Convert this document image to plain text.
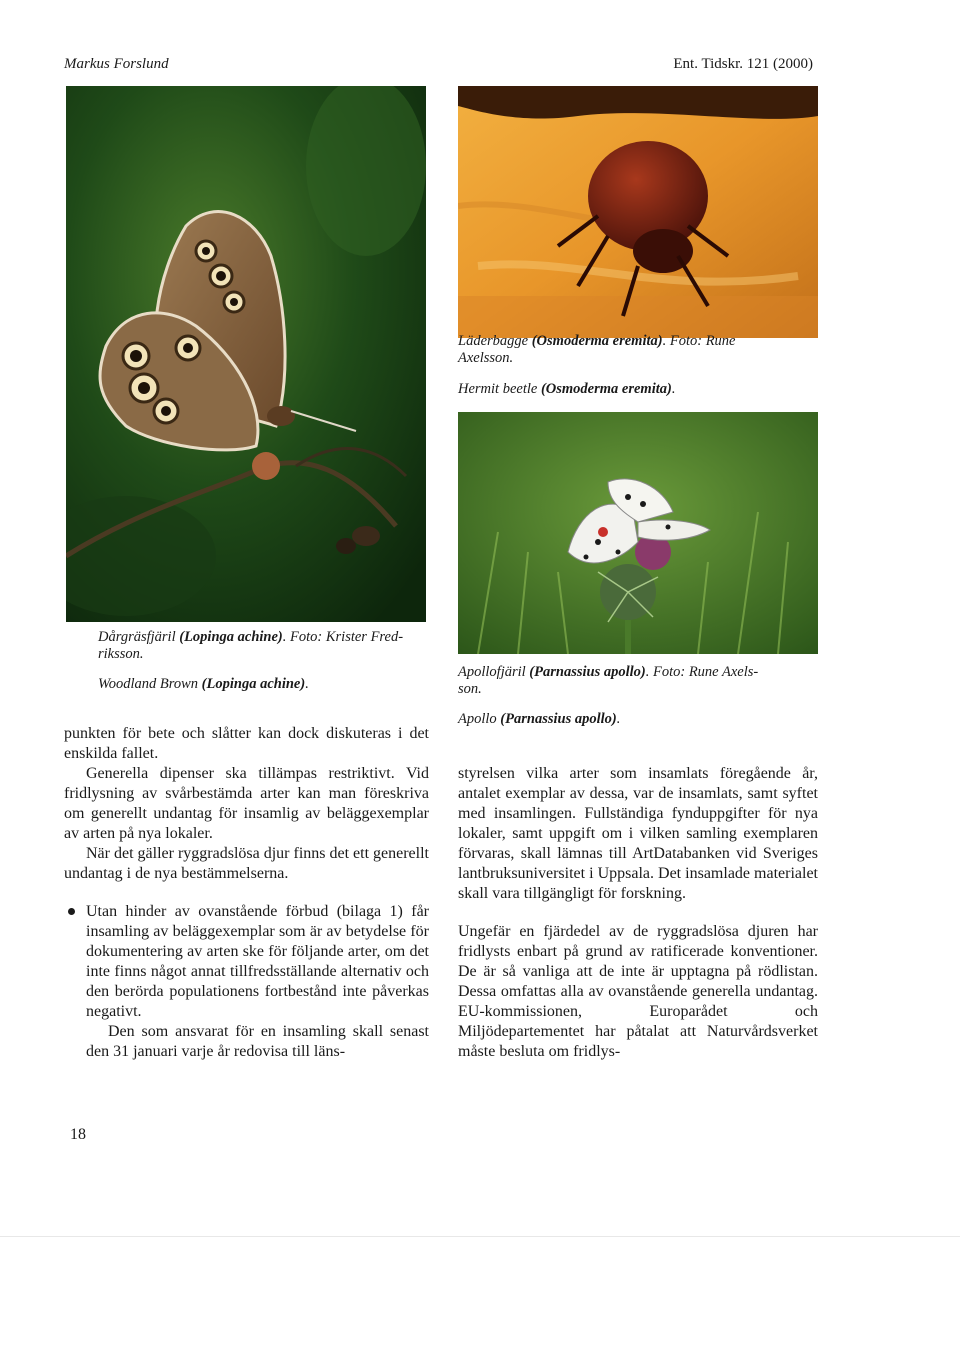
Markus Forslund	Ent. Tidskr. 121 (2000)
Dårgräsfjäril (Lopinga achine). Foto: Krister Fred-
riksson.
Woodland Brown (Lopinga achine).
Läderbagge (Osmoderma eremita). Foto: Rune
Axelsson.
Hermit beetle (Osmoderma eremita).
Apollofjäril (Parnassius apollo). Foto: Rune Axels-
son.
Apollo (Parnassius apollo).

punkten för bete och slåtter kan dock diskuteras i det enskilda fallet.

Generella dipenser ska tillämpas restriktivt. Vid fridlysning av svårbestämda arter kan man föreskriva om generellt undantag för insamlig av beläggexemplar av arten på nya lokaler.

När det gäller ryggradslösa djur finns det ett generellt undantag i de nya bestämmelserna.

Utan hinder av ovanstående förbud (bilaga 1) får insamling av beläggexemplar som är av betydelse för dokumentering av arten ske för följande arter, om det inte finns något annat tillfredsställande alternativ och den berörda populationens fortbestånd inte påverkas negativt.

Den som ansvarat för en insamling skall senast den 31 januari varje år redovisa till läns-

styrelsen vilka arter som insamlats föregående år, antalet exemplar av dessa, var de insamlats, samt syftet med insamlingen. Fullständiga fynduppgifter för nya lokaler, samt uppgift om i vilken samling exemplaren förvaras, skall lämnas till ArtDatabanken vid Sveriges lantbruksuniversitet i Uppsala. Det insamlade materialet skall vara tillgängligt för forskning.

Ungefär en fjärdedel av de ryggradslösa djuren har fridlysts enbart på grund av ratificerade konventioner. De är så vanliga att de inte är upptagna på rödlistan. Dessa omfattas alla av ovanstående generella undantag. EU-kommissionen, Europarådet och Miljödepartementet har påtalat att Naturvårdsverket måste besluta om fridlys-

18
